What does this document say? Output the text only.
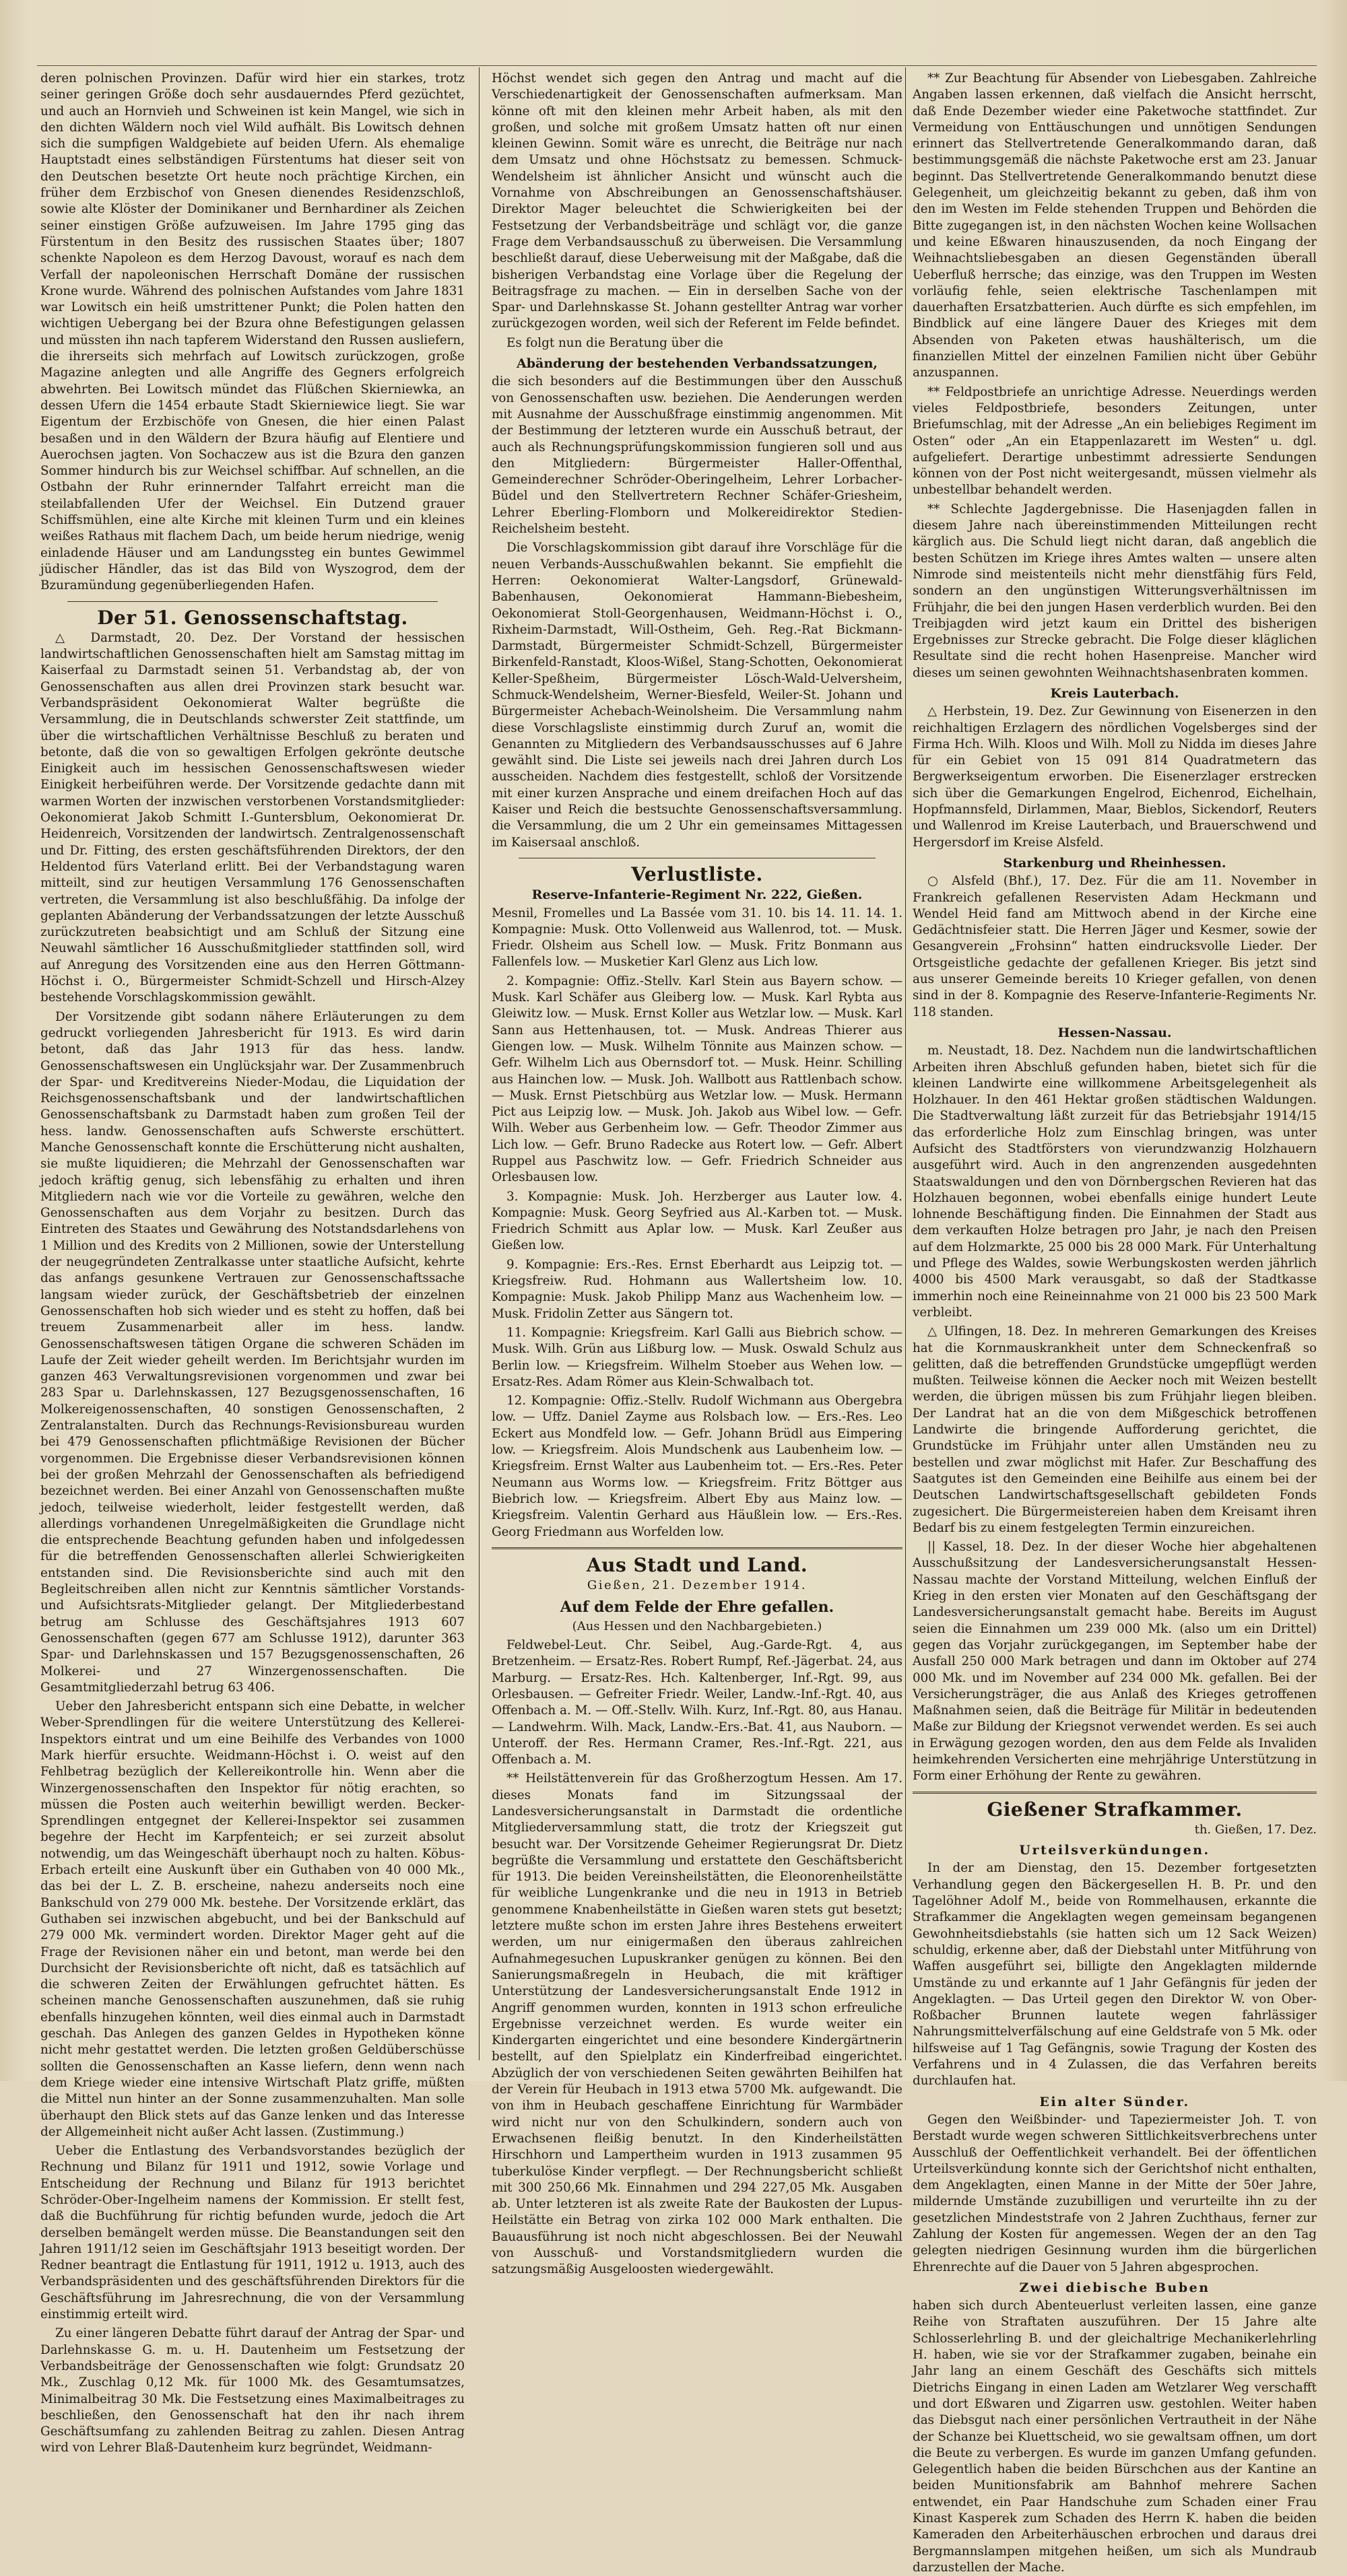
deren polnischen Provinzen. Dafür wird hier ein starkes, trotz seiner geringen Größe doch sehr ausdauerndes Pferd gezüchtet, und auch an Hornvieh und Schweinen ist kein Mangel, wie sich in den dichten Wäldern noch viel Wild aufhält. Bis Lowitsch dehnen sich die sumpfigen Waldgebiete auf beiden Ufern. Als ehemalige Hauptstadt eines selbständigen Fürstentums hat dieser seit von den Deutschen besetzte Ort heute noch prächtige Kirchen, ein früher dem Erzbischof von Gnesen dienendes Residenzschloß, sowie alte Klöster der Dominikaner und Bernhardiner als Zeichen seiner einstigen Größe aufzuweisen. Im Jahre 1795 ging das Fürstentum in den Besitz des russischen Staates über; 1807 schenkte Napoleon es dem Herzog Davoust, worauf es nach dem Verfall der napoleonischen Herrschaft Domäne der russischen Krone wurde. Während des polnischen Aufstandes vom Jahre 1831 war Lowitsch ein heiß umstrittener Punkt; die Polen hatten den wichtigen Uebergang bei der Bzura ohne Befestigungen gelassen und müssten ihn nach tapferem Widerstand den Russen ausliefern, die ihrerseits sich mehrfach auf Lowitsch zurückzogen, große Magazine anlegten und alle Angriffe des Gegners erfolgreich abwehrten. Bei Lowitsch mündet das Flüßchen Skierniewka, an dessen Ufern die 1454 erbaute Stadt Skierniewice liegt. Sie war Eigentum der Erzbischöfe von Gnesen, die hier einen Palast besaßen und in den Wäldern der Bzura häufig auf Elentiere und Auerochsen jagten. Von Sochaczew aus ist die Bzura den ganzen Sommer hindurch bis zur Weichsel schiffbar. Auf schnellen, an die Ostbahn der Ruhr erinnernder Talfahrt erreicht man die steilabfallenden Ufer der Weichsel. Ein Dutzend grauer Schiffsmühlen, eine alte Kirche mit kleinen Turm und ein kleines weißes Rathaus mit flachem Dach, um beide herum niedrige, wenig einladende Häuser und am Landungssteg ein buntes Gewimmel jüdischer Händler, das ist das Bild von Wyszogrod, dem der Bzuramündung gegenüberliegenden Hafen.

Der 51. Genossenschaftstag.

△ Darmstadt, 20. Dez. Der Vorstand der hessischen landwirtschaftlichen Genossenschaften hielt am Samstag mittag im Kaiserfaal zu Darmstadt seinen 51. Verbandstag ab, der von Genossenschaften aus allen drei Provinzen stark besucht war. Verbandspräsident Oekonomierat Walter begrüßte die Versammlung, die in Deutschlands schwerster Zeit stattfinde, um über die wirtschaftlichen Verhältnisse Beschluß zu beraten und betonte, daß die von so gewaltigen Erfolgen gekrönte deutsche Einigkeit auch im hessischen Genossenschaftswesen wieder Einigkeit herbeiführen werde. Der Vorsitzende gedachte dann mit warmen Worten der inzwischen verstorbenen Vorstandsmitglieder: Oekonomierat Jakob Schmitt I.-Guntersblum, Oekonomierat Dr. Heidenreich, Vorsitzenden der landwirtsch. Zentralgenossenschaft und Dr. Fitting, des ersten geschäftsführenden Direktors, der den Heldentod fürs Vaterland erlitt. Bei der Verbandstagung waren mitteilt, sind zur heutigen Versammlung 176 Genossenschaften vertreten, die Versammlung ist also beschlußfähig. Da infolge der geplanten Abänderung der Verbandssatzungen der letzte Ausschuß zurückzutreten beabsichtigt und am Schluß der Sitzung eine Neuwahl sämtlicher 16 Ausschußmitglieder stattfinden soll, wird auf Anregung des Vorsitzenden eine aus den Herren Göttmann-Höchst i. O., Bürgermeister Schmidt-Schzell und Hirsch-Alzey bestehende Vorschlagskommission gewählt.

Der Vorsitzende gibt sodann nähere Erläuterungen zu dem gedruckt vorliegenden Jahresbericht für 1913. Es wird darin betont, daß das Jahr 1913 für das hess. landw. Genossenschaftswesen ein Unglücksjahr war. Der Zusammenbruch der Spar- und Kreditvereins Nieder-Modau, die Liquidation der Reichsgenossenschaftsbank und der landwirtschaftlichen Genossenschaftsbank zu Darmstadt haben zum großen Teil der hess. landw. Genossenschaften aufs Schwerste erschüttert. Manche Genossenschaft konnte die Erschütterung nicht aushalten, sie mußte liquidieren; die Mehrzahl der Genossenschaften war jedoch kräftig genug, sich lebensfähig zu erhalten und ihren Mitgliedern nach wie vor die Vorteile zu gewähren, welche den Genossenschaften aus dem Vorjahr zu besitzen. Durch das Eintreten des Staates und Gewährung des Notstandsdarlehens von 1 Million und des Kredits von 2 Millionen, sowie der Unterstellung der neugegründeten Zentralkasse unter staatliche Aufsicht, kehrte das anfangs gesunkene Vertrauen zur Genossenschaftssache langsam wieder zurück, der Geschäftsbetrieb der einzelnen Genossenschaften hob sich wieder und es steht zu hoffen, daß bei treuem Zusammenarbeit aller im hess. landw. Genossenschaftswesen tätigen Organe die schweren Schäden im Laufe der Zeit wieder geheilt werden. Im Berichtsjahr wurden im ganzen 463 Verwaltungsrevisionen vorgenommen und zwar bei 283 Spar u. Darlehnskassen, 127 Bezugsgenossenschaften, 16 Molkereigenossenschaften, 40 sonstigen Genossenschaften, 2 Zentralanstalten. Durch das Rechnungs-Revisionsbureau wurden bei 479 Genossenschaften pflichtmäßige Revisionen der Bücher vorgenommen. Die Ergebnisse dieser Verbandsrevisionen können bei der großen Mehrzahl der Genossenschaften als befriedigend bezeichnet werden. Bei einer Anzahl von Genossenschaften mußte jedoch, teilweise wiederholt, leider festgestellt werden, daß allerdings vorhandenen Unregelmäßigkeiten die Grundlage nicht die entsprechende Beachtung gefunden haben und infolgedessen für die betreffenden Genossenschaften allerlei Schwierigkeiten entstanden sind. Die Revisionsberichte sind auch mit den Begleitschreiben allen nicht zur Kenntnis sämtlicher Vorstands- und Aufsichtsrats-Mitglieder gelangt. Der Mitgliederbestand betrug am Schlusse des Geschäftsjahres 1913 607 Genossenschaften (gegen 677 am Schlusse 1912), darunter 363 Spar- und Darlehnskassen und 157 Bezugsgenossenschaften, 26 Molkerei- und 27 Winzergenossenschaften. Die Gesamtmitgliederzahl betrug 63 406.

Ueber den Jahresbericht entspann sich eine Debatte, in welcher Weber-Sprendlingen für die weitere Unterstützung des Kellerei-Inspektors eintrat und um eine Beihilfe des Verbandes von 1000 Mark hierfür ersuchte. Weidmann-Höchst i. O. weist auf den Fehlbetrag bezüglich der Kellereikontrolle hin. Wenn aber die Winzergenossenschaften den Inspektor für nötig erachten, so müssen die Posten auch weiterhin bewilligt werden. Becker-Sprendlingen entgegnet der Kellerei-Inspektor sei zusammen begehre der Hecht im Karpfenteich; er sei zurzeit absolut notwendig, um das Weingeschäft überhaupt noch zu halten. Köbus-Erbach erteilt eine Auskunft über ein Guthaben von 40 000 Mk., das bei der L. Z. B. erscheine, nahezu anderseits noch eine Bankschuld von 279 000 Mk. bestehe. Der Vorsitzende erklärt, das Guthaben sei inzwischen abgebucht, und bei der Bankschuld auf 279 000 Mk. vermindert worden. Direktor Mager geht auf die Frage der Revisionen näher ein und betont, man werde bei den Durchsicht der Revisionsberichte oft nicht, daß es tatsächlich auf die schweren Zeiten der Erwählungen gefruchtet hätten. Es scheinen manche Genossenschaften auszunehmen, daß sie ruhig ebenfalls hinzugehen könnten, weil dies einmal auch in Darmstadt geschah. Das Anlegen des ganzen Geldes in Hypotheken könne nicht mehr gestattet werden. Die letzten großen Geldüberschüsse sollten die Genossenschaften an Kasse liefern, denn wenn nach dem Kriege wieder eine intensive Wirtschaft Platz griffe, müßten die Mittel nun hinter an der Sonne zusammenzuhalten. Man solle überhaupt den Blick stets auf das Ganze lenken und das Interesse der Allgemeinheit nicht außer Acht lassen. (Zustimmung.)

Ueber die Entlastung des Verbandsvorstandes bezüglich der Rechnung und Bilanz für 1911 und 1912, sowie Vorlage und Entscheidung der Rechnung und Bilanz für 1913 berichtet Schröder-Ober-Ingelheim namens der Kommission. Er stellt fest, daß die Buchführung für richtig befunden wurde, jedoch die Art derselben bemängelt werden müsse. Die Beanstandungen seit den Jahren 1911/12 seien im Geschäftsjahr 1913 beseitigt worden. Der Redner beantragt die Entlastung für 1911, 1912 u. 1913, auch des Verbandspräsidenten und des geschäftsführenden Direktors für die Geschäftsführung im Jahresrechnung, die von der Versammlung einstimmig erteilt wird.

Zu einer längeren Debatte führt darauf der Antrag der Spar- und Darlehnskasse G. m. u. H. Dautenheim um Festsetzung der Verbandsbeiträge der Genossenschaften wie folgt: Grundsatz 20 Mk., Zuschlag 0,12 Mk. für 1000 Mk. des Gesamtumsatzes, Minimalbeitrag 30 Mk. Die Festsetzung eines Maximalbeitrages zu beschließen, den Genossenschaft hat den ihr nach ihrem Geschäftsumfang zu zahlenden Beitrag zu zahlen. Diesen Antrag wird von Lehrer Blaß-Dautenheim kurz begründet, Weidmann-

Höchst wendet sich gegen den Antrag und macht auf die Verschiedenartigkeit der Genossenschaften aufmerksam. Man könne oft mit den kleinen mehr Arbeit haben, als mit den großen, und solche mit großem Umsatz hatten oft nur einen kleinen Gewinn. Somit wäre es unrecht, die Beiträge nur nach dem Umsatz und ohne Höchstsatz zu bemessen. Schmuck-Wendelsheim ist ähnlicher Ansicht und wünscht auch die Vornahme von Abschreibungen an Genossenschaftshäuser. Direktor Mager beleuchtet die Schwierigkeiten bei der Festsetzung der Verbandsbeiträge und schlägt vor, die ganze Frage dem Verbandsausschuß zu überweisen. Die Versammlung beschließt darauf, diese Ueberweisung mit der Maßgabe, daß die bisherigen Verbandstag eine Vorlage über die Regelung der Beitragsfrage zu machen. — Ein in derselben Sache von der Spar- und Darlehnskasse St. Johann gestellter Antrag war vorher zurückgezogen worden, weil sich der Referent im Felde befindet.

Es folgt nun die Beratung über die

Abänderung der bestehenden Verbandssatzungen,

die sich besonders auf die Bestimmungen über den Ausschuß von Genossenschaften usw. beziehen. Die Aenderungen werden mit Ausnahme der Ausschußfrage einstimmig angenommen. Mit der Bestimmung der letzteren wurde ein Ausschuß betraut, der auch als Rechnungsprüfungskommission fungieren soll und aus den Mitgliedern: Bürgermeister Haller-Offenthal, Gemeinderechner Schröder-Oberingelheim, Lehrer Lorbacher-Büdel und den Stellvertretern Rechner Schäfer-Griesheim, Lehrer Eberling-Flomborn und Molkereidirektor Stedien-Reichelsheim besteht.

Die Vorschlagskommission gibt darauf ihre Vorschläge für die neuen Verbands-Ausschußwahlen bekannt. Sie empfiehlt die Herren: Oekonomierat Walter-Langsdorf, Grünewald-Babenhausen, Oekonomierat Hammann-Biebesheim, Oekonomierat Stoll-Georgenhausen, Weidmann-Höchst i. O., Rixheim-Darmstadt, Will-Ostheim, Geh. Reg.-Rat Bickmann-Darmstadt, Bürgermeister Schmidt-Schzell, Bürgermeister Birkenfeld-Ranstadt, Kloos-Wißel, Stang-Schotten, Oekonomierat Keller-Speßheim, Bürgermeister Lösch-Wald-Uelversheim, Schmuck-Wendelsheim, Werner-Biesfeld, Weiler-St. Johann und Bürgermeister Achebach-Weinolsheim. Die Versammlung nahm diese Vorschlagsliste einstimmig durch Zuruf an, womit die Genannten zu Mitgliedern des Verbandsausschusses auf 6 Jahre gewählt sind. Die Liste sei jeweils nach drei Jahren durch Los ausscheiden. Nachdem dies festgestellt, schloß der Vorsitzende mit einer kurzen Ansprache und einem dreifachen Hoch auf das Kaiser und Reich die bestsuchte Genossenschaftsversammlung. die Versammlung, die um 2 Uhr ein gemeinsames Mittagessen im Kaisersaal anschloß.

Verlustliste.
Reserve-Infanterie-Regiment Nr. 222, Gießen.

Mesnil, Fromelles und La Bassée vom 31. 10. bis 14. 11. 14. 1. Kompagnie: Musk. Otto Vollenweid aus Wallenrod, tot. — Musk. Friedr. Olsheim aus Schell low. — Musk. Fritz Bonmann aus Fallenfels low. — Musketier Karl Glenz aus Lich low.

2. Kompagnie: Offiz.-Stellv. Karl Stein aus Bayern schow. — Musk. Karl Schäfer aus Gleiberg low. — Musk. Karl Rybta aus Gleiwitz low. — Musk. Ernst Koller aus Wetzlar low. — Musk. Karl Sann aus Hettenhausen, tot. — Musk. Andreas Thierer aus Giengen low. — Musk. Wilhelm Tönnite aus Mainzen schow. — Gefr. Wilhelm Lich aus Obernsdorf tot. — Musk. Heinr. Schilling aus Hainchen low. — Musk. Joh. Wallbott aus Rattlenbach schow. — Musk. Ernst Pietschbürg aus Wetzlar low. — Musk. Hermann Pict aus Leipzig low. — Musk. Joh. Jakob aus Wibel low. — Gefr. Wilh. Weber aus Gerbenheim low. — Gefr. Theodor Zimmer aus Lich low. — Gefr. Bruno Radecke aus Rotert low. — Gefr. Albert Ruppel aus Paschwitz low. — Gefr. Friedrich Schneider aus Orlesbausen low.

3. Kompagnie: Musk. Joh. Herzberger aus Lauter low. 4. Kompagnie: Musk. Georg Seyfried aus Al.-Karben tot. — Musk. Friedrich Schmitt aus Aplar low. — Musk. Karl Zeußer aus Gießen low.

9. Kompagnie: Ers.-Res. Ernst Eberhardt aus Leipzig tot. — Kriegsfreiw. Rud. Hohmann aus Wallertsheim low. 10. Kompagnie: Musk. Jakob Philipp Manz aus Wachenheim low. — Musk. Fridolin Zetter aus Sängern tot.

11. Kompagnie: Kriegsfreim. Karl Galli aus Biebrich schow. — Musk. Wilh. Grün aus Lißburg low. — Musk. Oswald Schulz aus Berlin low. — Kriegsfreim. Wilhelm Stoeber aus Wehen low. — Ersatz-Res. Adam Römer aus Klein-Schwalbach tot.

12. Kompagnie: Offiz.-Stellv. Rudolf Wichmann aus Obergebra low. — Uffz. Daniel Zayme aus Rolsbach low. — Ers.-Res. Leo Eckert aus Mondfeld low. — Gefr. Johann Brüdl aus Eimpering low. — Kriegsfreim. Alois Mundschenk aus Laubenheim low. — Kriegsfreim. Ernst Walter aus Laubenheim tot. — Ers.-Res. Peter Neumann aus Worms low. — Kriegsfreim. Fritz Böttger aus Biebrich low. — Kriegsfreim. Albert Eby aus Mainz low. — Kriegsfreim. Valentin Gerhard aus Häußlein low. — Ers.-Res. Georg Friedmann aus Worfelden low.

Aus Stadt und Land.
Gießen, 21. Dezember 1914.
Auf dem Felde der Ehre gefallen.
(Aus Hessen und den Nachbargebieten.)

Feldwebel-Leut. Chr. Seibel, Aug.-Garde-Rgt. 4, aus Bretzenheim. — Ersatz-Res. Robert Rumpf, Ref.-Jägerbat. 24, aus Marburg. — Ersatz-Res. Hch. Kaltenberger, Inf.-Rgt. 99, aus Orlesbausen. — Gefreiter Friedr. Weiler, Landw.-Inf.-Rgt. 40, aus Offenbach a. M. — Off.-Stellv. Wilh. Kurz, Inf.-Rgt. 80, aus Hanau. — Landwehrm. Wilh. Mack, Landw.-Ers.-Bat. 41, aus Nauborn. — Unteroff. der Res. Hermann Cramer, Res.-Inf.-Rgt. 221, aus Offenbach a. M.

** Heilstättenverein für das Großherzogtum Hessen. Am 17. dieses Monats fand im Sitzungssaal der Landesversicherungsanstalt in Darmstadt die ordentliche Mitgliederversammlung statt, die trotz der Kriegszeit gut besucht war. Der Vorsitzende Geheimer Regierungsrat Dr. Dietz begrüßte die Versammlung und erstattete den Geschäftsbericht für 1913. Die beiden Vereinsheilstätten, die Eleonorenheilstätte für weibliche Lungenkranke und die neu in 1913 in Betrieb genommene Knabenheilstätte in Gießen waren stets gut besetzt; letztere mußte schon im ersten Jahre ihres Bestehens erweitert werden, um nur einigermaßen den überaus zahlreichen Aufnahmegesuchen Lupuskranker genügen zu können. Bei den Sanierungsmaßregeln in Heubach, die mit kräftiger Unterstützung der Landesversicherungsanstalt Ende 1912 in Angriff genommen wurden, konnten in 1913 schon erfreuliche Ergebnisse verzeichnet werden. Es wurde weiter ein Kindergarten eingerichtet und eine besondere Kindergärtnerin bestellt, auf den Spielplatz ein Kinderfreibad eingerichtet. Abzüglich der von verschiedenen Seiten gewährten Beihilfen hat der Verein für Heubach in 1913 etwa 5700 Mk. aufgewandt. Die von ihm in Heubach geschaffene Einrichtung für Warmbäder wird nicht nur von den Schulkindern, sondern auch von Erwachsenen fleißig benutzt. In den Kinderheilstätten Hirschhorn und Lampertheim wurden in 1913 zusammen 95 tuberkulöse Kinder verpflegt. — Der Rechnungsbericht schließt mit 300 250,66 Mk. Einnahmen und 294 227,05 Mk. Ausgaben ab. Unter letzteren ist als zweite Rate der Baukosten der Lupus-Heilstätte ein Betrag von zirka 102 000 Mark enthalten. Die Bauausführung ist noch nicht abgeschlossen. Bei der Neuwahl von Ausschuß- und Vorstandsmitgliedern wurden die satzungsmäßig Ausgeloosten wiedergewählt.

** Zur Beachtung für Absender von Liebesgaben. Zahlreiche Angaben lassen erkennen, daß vielfach die Ansicht herrscht, daß Ende Dezember wieder eine Paketwoche stattfindet. Zur Vermeidung von Enttäuschungen und unnötigen Sendungen erinnert das Stellvertretende Generalkommando daran, daß bestimmungsgemäß die nächste Paketwoche erst am 23. Januar beginnt. Das Stellvertretende Generalkommando benutzt diese Gelegenheit, um gleichzeitig bekannt zu geben, daß ihm von den im Westen im Felde stehenden Truppen und Behörden die Bitte zugegangen ist, in den nächsten Wochen keine Wollsachen und keine Eßwaren hinauszusenden, da noch Eingang der Weihnachtsliebesgaben an diesen Gegenständen überall Ueberfluß herrsche; das einzige, was den Truppen im Westen vorläufig fehle, seien elektrische Taschenlampen mit dauerhaften Ersatzbatterien. Auch dürfte es sich empfehlen, im Bindblick auf eine längere Dauer des Krieges mit dem Absenden von Paketen etwas haushälterisch, um die finanziellen Mittel der einzelnen Familien nicht über Gebühr anzuspannen.

** Feldpostbriefe an unrichtige Adresse. Neuerdings werden vieles Feldpostbriefe, besonders Zeitungen, unter Briefumschlag, mit der Adresse „An ein beliebiges Regiment im Osten“ oder „An ein Etappenlazarett im Westen“ u. dgl. aufgeliefert. Derartige unbestimmt adressierte Sendungen können von der Post nicht weitergesandt, müssen vielmehr als unbestellbar behandelt werden.

** Schlechte Jagdergebnisse. Die Hasenjagden fallen in diesem Jahre nach übereinstimmenden Mitteilungen recht kärglich aus. Die Schuld liegt nicht daran, daß angeblich die besten Schützen im Kriege ihres Amtes walten — unsere alten Nimrode sind meistenteils nicht mehr dienstfähig fürs Feld, sondern an den ungünstigen Witterungsverhältnissen im Frühjahr, die bei den jungen Hasen verderblich wurden. Bei den Treibjagden wird jetzt kaum ein Drittel des bisherigen Ergebnisses zur Strecke gebracht. Die Folge dieser kläglichen Resultate sind die recht hohen Hasenpreise. Mancher wird dieses um seinen gewohnten Weihnachtshasenbraten kommen.

Kreis Lauterbach.

△ Herbstein, 19. Dez. Zur Gewinnung von Eisenerzen in den reichhaltigen Erzlagern des nördlichen Vogelsberges sind der Firma Hch. Wilh. Kloos und Wilh. Moll zu Nidda im dieses Jahre für ein Gebiet von 15 091 814 Quadratmetern das Bergwerkseigentum erworben. Die Eisenerzlager erstrecken sich über die Gemarkungen Engelrod, Eichenrod, Eichelhain, Hopfmannsfeld, Dirlammen, Maar, Bieblos, Sickendorf, Reuters und Wallenrod im Kreise Lauterbach, und Brauerschwend und Hergersdorf im Kreise Alsfeld.

Starkenburg und Rheinhessen.

○ Alsfeld (Bhf.), 17. Dez. Für die am 11. November in Frankreich gefallenen Reservisten Adam Heckmann und Wendel Heid fand am Mittwoch abend in der Kirche eine Gedächtnisfeier statt. Die Herren Jäger und Kesmer, sowie der Gesangverein „Frohsinn“ hatten eindrucksvolle Lieder. Der Ortsgeistliche gedachte der gefallenen Krieger. Bis jetzt sind aus unserer Gemeinde bereits 10 Krieger gefallen, von denen sind in der 8. Kompagnie des Reserve-Infanterie-Regiments Nr. 118 standen.

Hessen-Nassau.

m. Neustadt, 18. Dez. Nachdem nun die landwirtschaftlichen Arbeiten ihren Abschluß gefunden haben, bietet sich für die kleinen Landwirte eine willkommene Arbeitsgelegenheit als Holzhauer. In den 461 Hektar großen städtischen Waldungen. Die Stadtverwaltung läßt zurzeit für das Betriebsjahr 1914/15 das erforderliche Holz zum Einschlag bringen, was unter Aufsicht des Stadtförsters von vierundzwanzig Holzhauern ausgeführt wird. Auch in den angrenzenden ausgedehnten Staatswaldungen und den von Dörnbergschen Revieren hat das Holzhauen begonnen, wobei ebenfalls einige hundert Leute lohnende Beschäftigung finden. Die Einnahmen der Stadt aus dem verkauften Holze betragen pro Jahr, je nach den Preisen auf dem Holzmarkte, 25 000 bis 28 000 Mark. Für Unterhaltung und Pflege des Waldes, sowie Werbungskosten werden jährlich 4000 bis 4500 Mark verausgabt, so daß der Stadtkasse immerhin noch eine Reineinnahme von 21 000 bis 23 500 Mark verbleibt.

△ Ulfingen, 18. Dez. In mehreren Gemarkungen des Kreises hat die Kornmauskrankheit unter dem Schneckenfraß so gelitten, daß die betreffenden Grundstücke umgepflügt werden mußten. Teilweise können die Aecker noch mit Weizen bestellt werden, die übrigen müssen bis zum Frühjahr liegen bleiben. Der Landrat hat an die von dem Mißgeschick betroffenen Landwirte die bringende Aufforderung gerichtet, die Grundstücke im Frühjahr unter allen Umständen neu zu bestellen und zwar möglichst mit Hafer. Zur Beschaffung des Saatgutes ist den Gemeinden eine Beihilfe aus einem bei der Deutschen Landwirtschaftsgesellschaft gebildeten Fonds zugesichert. Die Bürgermeistereien haben dem Kreisamt ihren Bedarf bis zu einem festgelegten Termin einzureichen.

|| Kassel, 18. Dez. In der dieser Woche hier abgehaltenen Ausschußsitzung der Landesversicherungsanstalt Hessen-Nassau machte der Vorstand Mitteilung, welchen Einfluß der Krieg in den ersten vier Monaten auf den Geschäftsgang der Landesversicherungsanstalt gemacht habe. Bereits im August seien die Einnahmen um 239 000 Mk. (also um ein Drittel) gegen das Vorjahr zurückgegangen, im September habe der Ausfall 250 000 Mark betragen und dann im Oktober auf 274 000 Mk. und im November auf 234 000 Mk. gefallen. Bei der Versicherungsträger, die aus Anlaß des Krieges getroffenen Maßnahmen seien, daß die Beiträge für Militär in bedeutenden Maße zur Bildung der Kriegsnot verwendet werden. Es sei auch in Erwägung gezogen worden, den aus dem Felde als Invaliden heimkehrenden Versicherten eine mehrjährige Unterstützung in Form einer Erhöhung der Rente zu gewähren.

Gießener Strafkammer.
th. Gießen, 17. Dez.
Urteilsverkündungen.

In der am Dienstag, den 15. Dezember fortgesetzten Verhandlung gegen den Bäckergesellen H. B. Pr. und den Tagelöhner Adolf M., beide von Rommelhausen, erkannte die Strafkammer die Angeklagten wegen gemeinsam begangenen Gewohnheitsdiebstahls (sie hatten sich um 12 Sack Weizen) schuldig, erkenne aber, daß der Diebstahl unter Mitführung von Waffen ausgeführt sei, billigte den Angeklagten mildernde Umstände zu und erkannte auf 1 Jahr Gefängnis für jeden der Angeklagten. — Das Urteil gegen den Direktor W. von Ober-Roßbacher Brunnen lautete wegen fahrlässiger Nahrungsmittelverfälschung auf eine Geldstrafe von 5 Mk. oder hilfsweise auf 1 Tag Gefängnis, sowie Tragung der Kosten des Verfahrens und in 4 Zulassen, die das Verfahren bereits durchlaufen hat.

Ein alter Sünder.

Gegen den Weißbinder- und Tapeziermeister Joh. T. von Berstadt wurde wegen schweren Sittlichkeitsverbrechens unter Ausschluß der Oeffentlichkeit verhandelt. Bei der öffentlichen Urteilsverkündung konnte sich der Gerichtshof nicht enthalten, dem Angeklagten, einen Manne in der Mitte der 50er Jahre, mildernde Umstände zuzubilligen und verurteilte ihn zu der gesetzlichen Mindeststrafe von 2 Jahren Zuchthaus, ferner zur Zahlung der Kosten für angemessen. Wegen der an den Tag gelegten niedrigen Gesinnung wurden ihm die bürgerlichen Ehrenrechte auf die Dauer von 5 Jahren abgesprochen.

Zwei diebische Buben

haben sich durch Abenteuerlust verleiten lassen, eine ganze Reihe von Straftaten auszuführen. Der 15 Jahre alte Schlosserlehrling B. und der gleichaltrige Mechanikerlehrling H. haben, wie sie vor der Strafkammer zugaben, beinahe ein Jahr lang an einem Geschäft des Geschäfts sich mittels Dietrichs Eingang in einen Laden am Wetzlarer Weg verschafft und dort Eßwaren und Zigarren usw. gestohlen. Weiter haben das Diebsgut nach einer persönlichen Vertrautheit in der Nähe der Schanze bei Kluettscheid, wo sie gewaltsam offnen, um dort die Beute zu verbergen. Es wurde im ganzen Umfang gefunden. Gelegentlich haben die beiden Bürschchen aus der Kantine an beiden Munitionsfabrik am Bahnhof mehrere Sachen entwendet, ein Paar Handschuhe zum Schaden einer Frau Kinast Kasperek zum Schaden des Herrn K. haben die beiden Kameraden den Arbeiterhäuschen erbrochen und daraus drei Bergmannslampen mitgehen heißen, um sich als Mundraub darzustellen der Mache.
